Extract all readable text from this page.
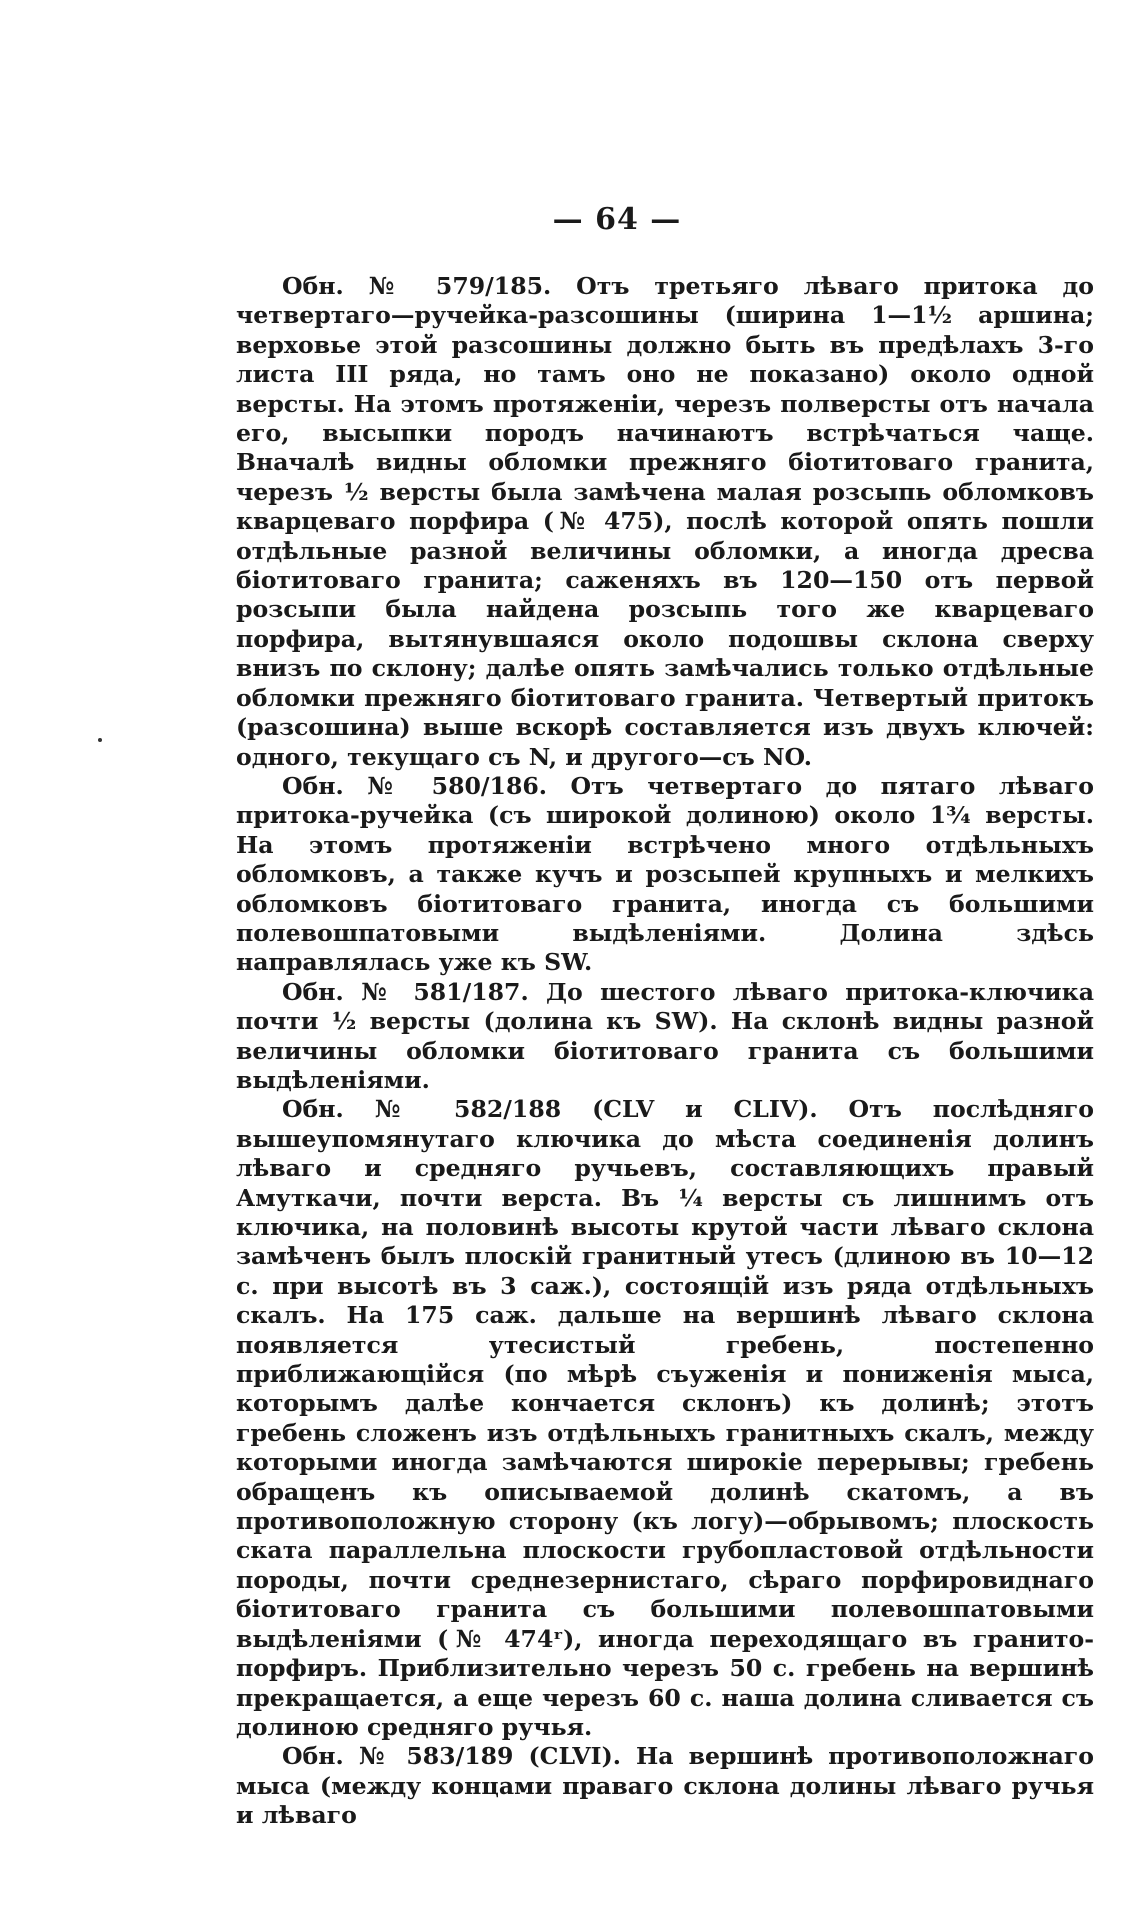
— 64 —

Обн. № 579/185. Отъ третьяго лѣваго притока до четвертаго—ручейка-разсошины (ширина 1—1½ аршина; верховье этой разсошины должно быть въ предѣлахъ 3-го листа III ряда, но тамъ оно не показано) около одной версты. На этомъ протяженіи, черезъ полверсты отъ начала его, высыпки породъ начинаютъ встрѣчаться чаще. Вначалѣ видны обломки прежняго біотитоваго гранита, черезъ ½ версты была замѣчена малая розсыпь обломковъ кварцеваго порфира (№ 475), послѣ которой опять пошли отдѣльные разной величины обломки, а иногда дресва біотитоваго гранита; саженяхъ въ 120—150 отъ первой розсыпи была найдена розсыпь того же кварцеваго порфира, вытянувшаяся около подошвы склона сверху внизъ по склону; далѣе опять замѣчались только отдѣльные обломки прежняго біотитоваго гранита. Четвертый притокъ (разсошина) выше вскорѣ составляется изъ двухъ ключей: одного, текущаго съ N, и другого—съ NO.

Обн. № 580/186. Отъ четвертаго до пятаго лѣваго притока-ручейка (съ широкой долиною) около 1¾ версты. На этомъ протяженіи встрѣчено много отдѣльныхъ обломковъ, а также кучъ и розсыпей крупныхъ и мелкихъ обломковъ біотитоваго гранита, иногда съ большими полевошпатовыми выдѣленіями. Долина здѣсь направлялась уже къ SW.

Обн. № 581/187. До шестого лѣваго притока-ключика почти ½ версты (долина къ SW). На склонѣ видны разной величины обломки біотитоваго гранита съ большими выдѣленіями.

Обн. № 582/188 (CLV и CLIV). Отъ послѣдняго вышеупомянутаго ключика до мѣста соединенія долинъ лѣваго и средняго ручьевъ, составляющихъ правый Амуткачи, почти верста. Въ ¼ версты съ лишнимъ отъ ключика, на половинѣ высоты крутой части лѣваго склона замѣченъ былъ плоскій гранитный утесъ (длиною въ 10—12 с. при высотѣ въ 3 саж.), состоящій изъ ряда отдѣльныхъ скалъ. На 175 саж. дальше на вершинѣ лѣваго склона появляется утесистый гребень, постепенно приближающійся (по мѣрѣ съуженія и пониженія мыса, которымъ далѣе кончается склонъ) къ долинѣ; этотъ гребень сложенъ изъ отдѣльныхъ гранитныхъ скалъ, между которыми иногда замѣчаются широкіе перерывы; гребень обращенъ къ описываемой долинѣ скатомъ, а въ противоположную сторону (къ логу)—обрывомъ; плоскость ската параллельна плоскости грубопластовой отдѣльности породы, почти среднезернистаго, сѣраго порфировиднаго біотитоваго гранита съ большими полевошпатовыми выдѣленіями (№ 474ʳ), иногда переходящаго въ гранито-порфиръ. Приблизительно черезъ 50 с. гребень на вершинѣ прекращается, а еще черезъ 60 с. наша долина сливается съ долиною средняго ручья.

Обн. № 583/189 (CLVI). На вершинѣ противоположнаго мыса (между концами праваго склона долины лѣваго ручья и лѣваго
